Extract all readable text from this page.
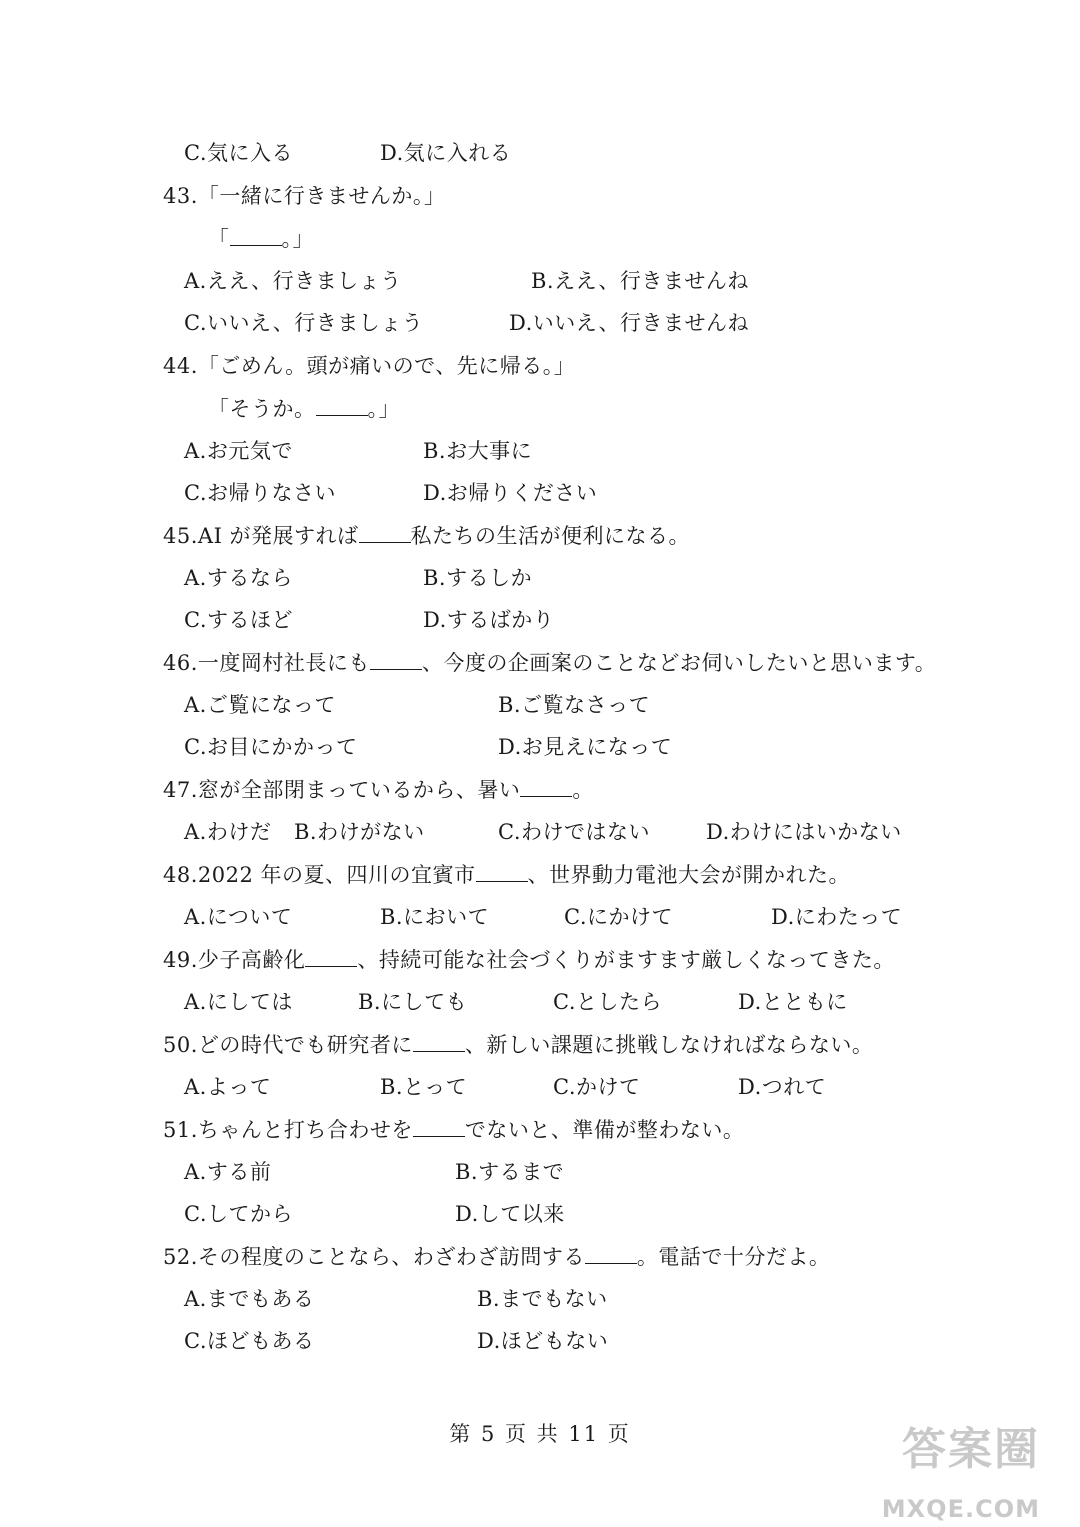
C.気に入る	D.気に入れる
43.「一緒に行きませんか。」
「 。」
A.ええ、行きましょう	B.ええ、行きませんね
C.いいえ、行きましょう	D.いいえ、行きませんね
44.「ごめん。頭が痛いので、先に帰る。」
「そうか。 。」
A.お元気で	B.お大事に
C.お帰りなさい	D.お帰りください
45.AI が発展すれば 私たちの生活が便利になる。
A.するなら	B.するしか
C.するほど	D.するばかり
46.一度岡村社長にも 、今度の企画案のことなどお伺いしたいと思います。
A.ご覧になって	B.ご覧なさって
C.お目にかかって	D.お見えになって
47.窓が全部閉まっているから、暑い 。
A.わけだ B.わけがない	C.わけではない	D.わけにはいかない
48.2022 年の夏、四川の宜賓市 、世界動力電池大会が開かれた。
A.について	B.において	C.にかけて	D.にわたって
49.少子高齢化 、持続可能な社会づくりがますます厳しくなってきた。
A.にしては	B.にしても	C.としたら	D.とともに
50.どの時代でも研究者に 、新しい課題に挑戦しなければならない。
A.よって	B.とって	C.かけて	D.つれて
51.ちゃんと打ち合わせを でないと、準備が整わない。
A.する前	B.するまで
C.してから	D.して以来
52.その程度のことなら、わざわざ訪問する 。電話で十分だよ。
A.までもある	B.までもない
C.ほどもある	D.ほどもない
第 5 页 共 11 页	答案圈
MXQE.COM
